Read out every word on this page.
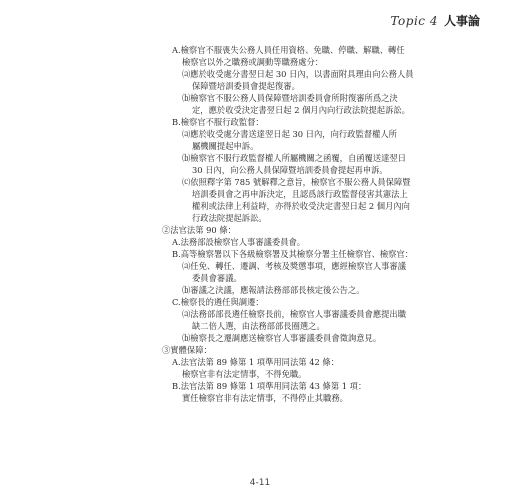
Topic 4 人事論
A.檢察官不服喪失公務人員任用資格、免職、停職、解職、轉任
檢察官以外之職務或調動等職務處分：
⒜應於收受處分書翌日起 30 日內，以書面附具理由向公務人員
保障暨培訓委員會提起復審。
⒝檢察官不服公務人員保障暨培訓委員會所附復審所爲之決
定，應於收受決定書翌日起 2 個月內向行政法院提起訴訟。
B.檢察官不服行政監督：
⒜應於收受處分書送達翌日起 30 日內，向行政監督權人所
屬機關提起申訴。
⒝檢察官不服行政監督權人所屬機關之函覆，自函覆送達翌日
30 日內，向公務人員保障暨培訓委員會提起再申訴。
⒞依照釋字第 785 號解釋之意旨，檢察官不服公務人員保障暨
培訓委員會之再申訴決定，且認爲該行政監督侵害其憲法上
權利或法律上利益時，亦得於收受決定書翌日起 2 個月內向
行政法院提起訴訟。
②法官法第 90 條：
A.法務部設檢察官人事審議委員會。
B.高等檢察署以下各級檢察署及其檢察分署主任檢察官、檢察官：
⒜任免、轉任、遷調、考核及獎懲事項，應經檢察官人事審議
委員會審議。
⒝審議之決議，應報請法務部部長核定後公告之。
C.檢察長的遴任與調遷：
⒜法務部部長遴任檢察長前，檢察官人事審議委員會應提出職
缺二倍人選，由法務部部長圈選之。
⒝檢察長之遷調應送檢察官人事審議委員會徵詢意見。
③實體保障：
A.法官法第 89 條第 1 項準用同法第 42 條：
檢察官非有法定情事，不得免職。
B.法官法第 89 條第 1 項準用同法第 43 條第 1 項：
實任檢察官非有法定情事，不得停止其職務。
4-11
